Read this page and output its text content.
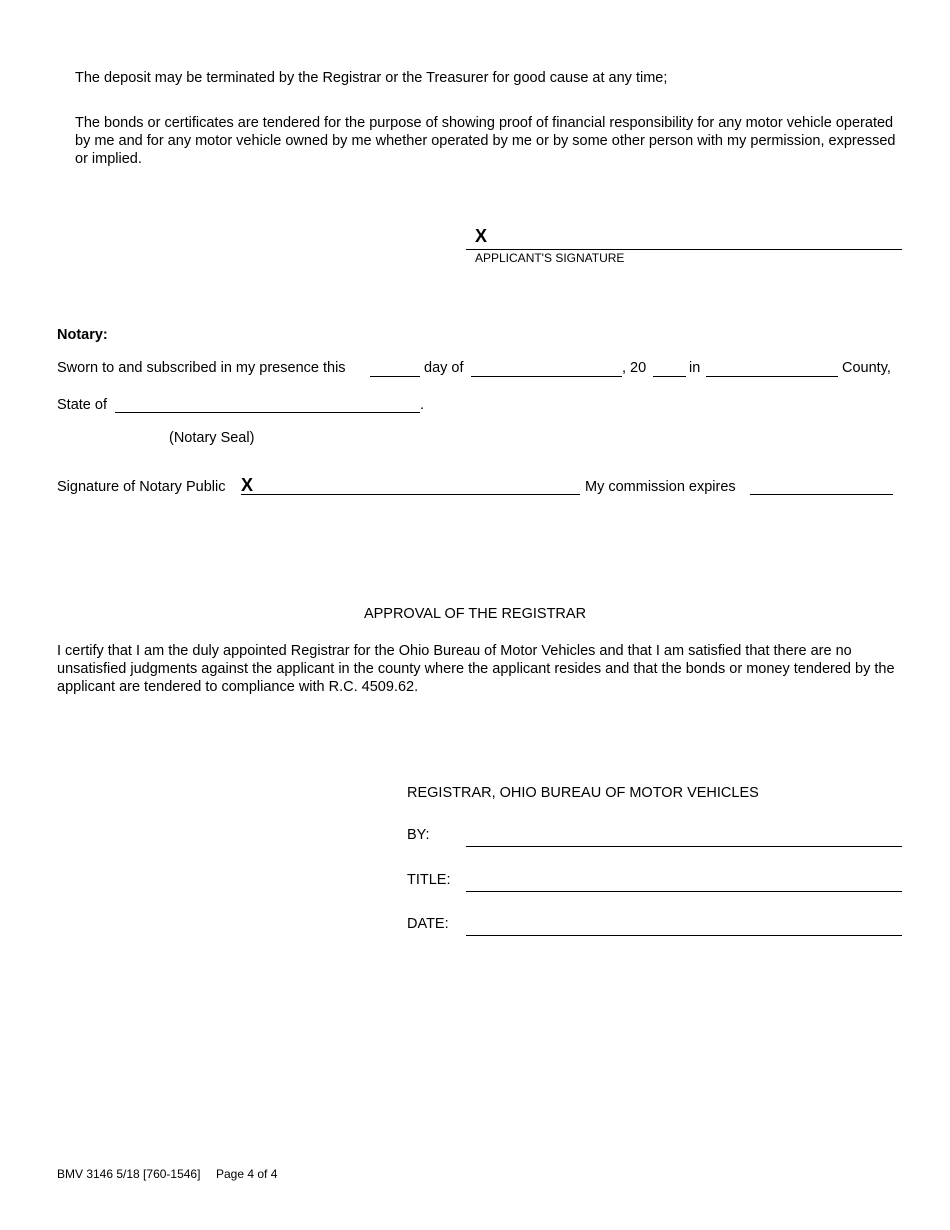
The deposit may be terminated by the Registrar or the Treasurer for good cause at any time;
The bonds or certificates are tendered for the purpose of showing proof of financial responsibility for any motor vehicle operated by me and for any motor vehicle owned by me whether operated by me or by some other person with my permission, expressed or implied.
X
APPLICANT'S SIGNATURE
Notary:
Sworn to and subscribed in my presence this	day of	, 20	in	County,
State of	.
(Notary Seal)
Signature of Notary Public X	My commission expires
APPROVAL OF THE REGISTRAR
I certify that I am the duly appointed Registrar for the Ohio Bureau of Motor Vehicles and that I am satisfied that there are no unsatisfied judgments against the applicant in the county where the applicant resides and that the bonds or money tendered by the applicant are tendered to compliance with R.C. 4509.62.
REGISTRAR, OHIO BUREAU OF MOTOR VEHICLES
BY:
TITLE:
DATE:
BMV 3146 5/18 [760-1546] Page 4 of 4
